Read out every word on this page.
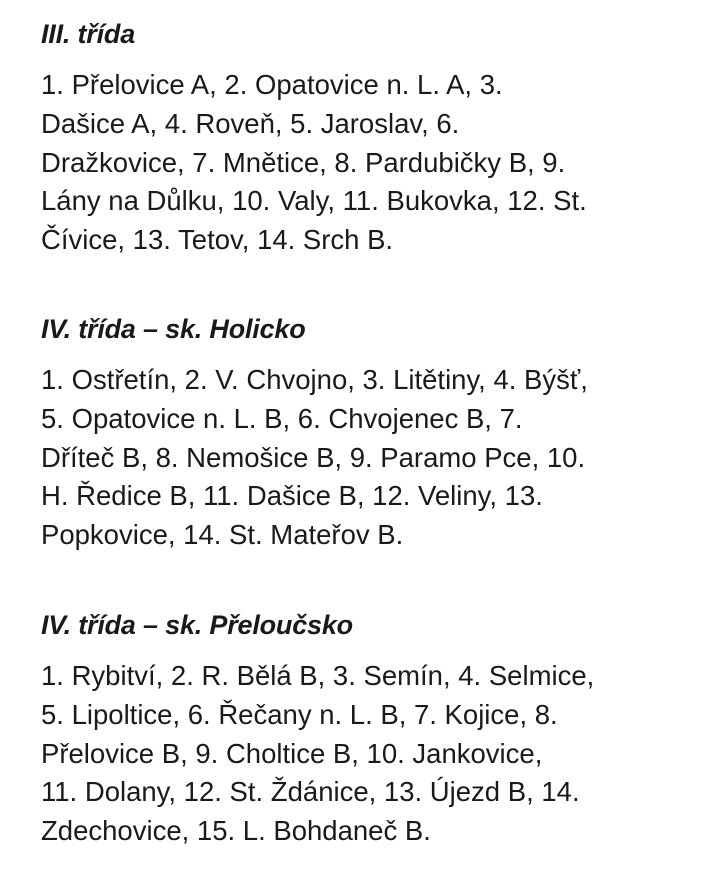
III. třída

1. Přelovice A, 2. Opatovice n. L. A, 3.
Dašice A, 4. Roveň, 5. Jaroslav, 6.
Dražkovice, 7. Mnětice, 8. Pardubičky B, 9.
Lány na Důlku, 10. Valy, 11. Bukovka, 12. St.
Čívice, 13. Tetov, 14. Srch B.

IV. třída – sk. Holicko

1. Ostřetín, 2. V. Chvojno, 3. Litětiny, 4. Býšť,
5. Opatovice n. L. B, 6. Chvojenec B, 7.
Dříteč B, 8. Nemošice B, 9. Paramo Pce, 10.
H. Ředice B, 11. Dašice B, 12. Veliny, 13.
Popkovice, 14. St. Mateřov B.

IV. třída – sk. Přeloučsko

1. Rybitví, 2. R. Bělá B, 3. Semín, 4. Selmice,
5. Lipoltice, 6. Řečany n. L. B, 7. Kojice, 8.
Přelovice B, 9. Choltice B, 10. Jankovice,
11. Dolany, 12. St. Ždánice, 13. Újezd B, 14.
Zdechovice, 15. L. Bohdaneč B.
